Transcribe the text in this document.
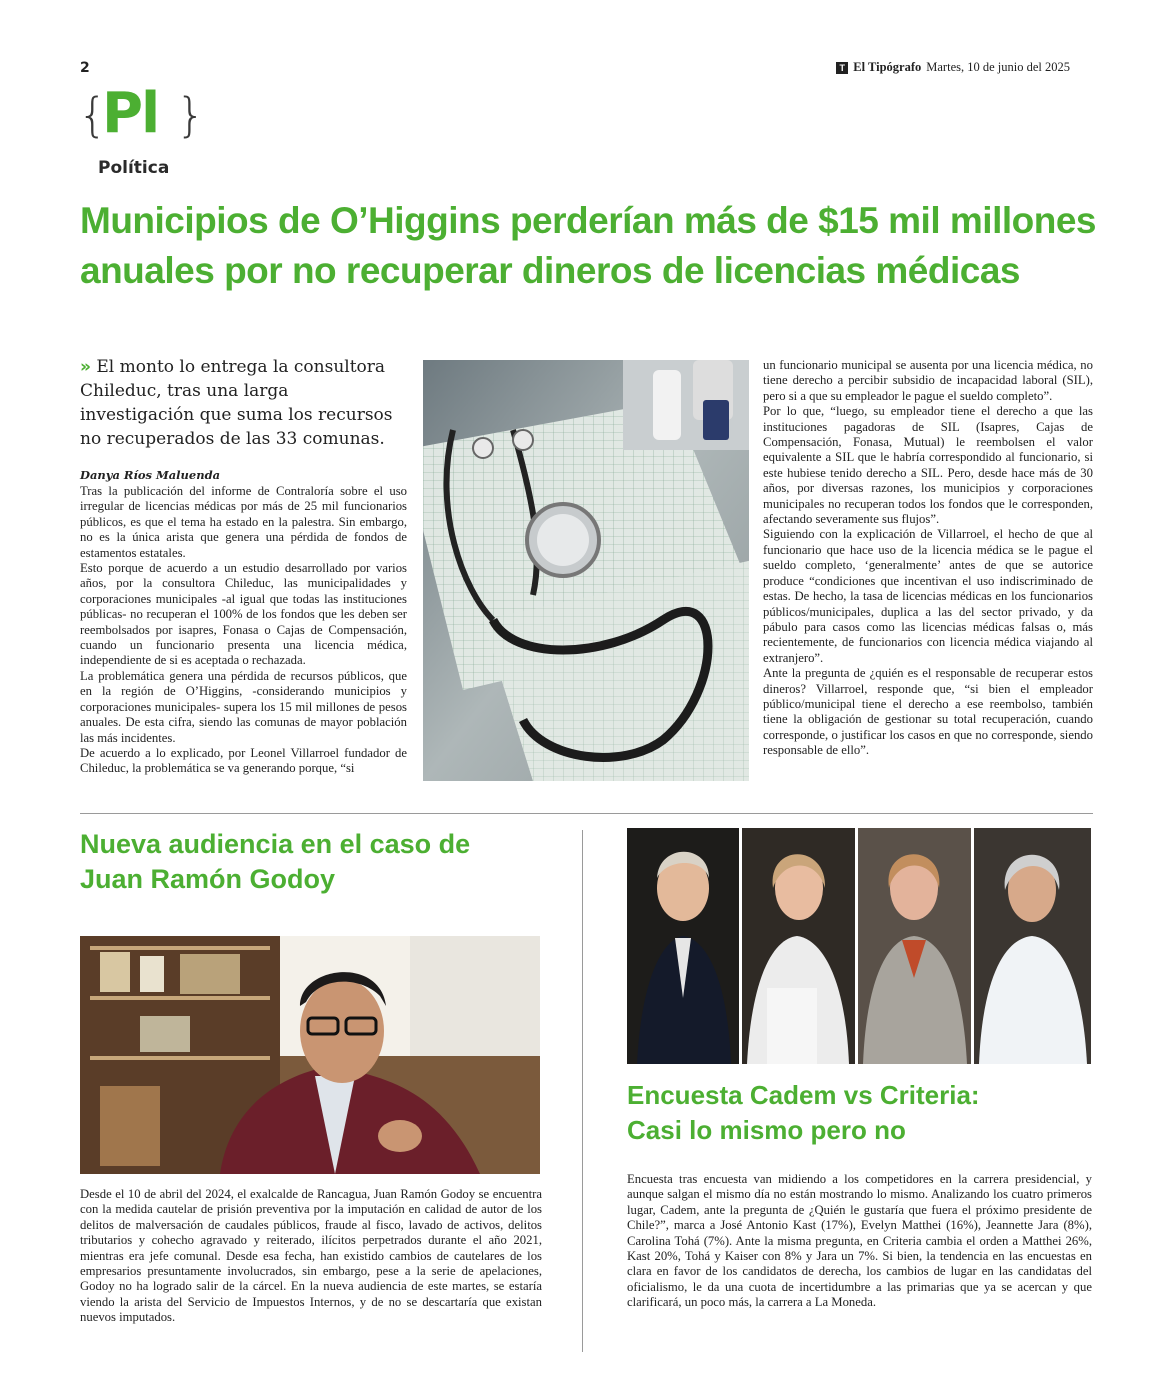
2	T El Tipógrafo Martes, 10 de junio del 2025
{
Pl }
Política
Municipios de O’Higgins perderían más de $15 mil millones
anuales por no recuperar dineros de licencias médicas
» El monto lo entrega la consultora Chileduc, tras una larga investigación que suma los recursos no recuperados de las 33 comunas.
Danya Ríos Maluenda

Tras la publicación del informe de Contraloría sobre el uso irregular de licencias médicas por más de 25 mil funcionarios públicos, es que el tema ha estado en la palestra. Sin embargo, no es la única arista que genera una pérdida de fondos de estamentos estatales.

Esto porque de acuerdo a un estudio desarrollado por varios años, por la consultora Chileduc, las municipalidades y corporaciones municipales -al igual que todas las instituciones públicas- no recuperan el 100% de los fondos que les deben ser reembolsados por isapres, Fonasa o Cajas de Compensación, cuando un funcionario presenta una licencia médica, independiente de si es aceptada o rechazada.

La problemática genera una pérdida de recursos públicos, que en la región de O’Higgins, -considerando municipios y corporaciones municipales- supera los 15 mil millones de pesos anuales. De esta cifra, siendo las comunas de mayor población las más incidentes.

De acuerdo a lo explicado, por Leonel Villarroel fundador de Chileduc, la problemática se va generando porque, “si

un funcionario municipal se ausenta por una licencia médica, no tiene derecho a percibir subsidio de incapacidad laboral (SIL), pero si a que su empleador le pague el sueldo completo”.

Por lo que, “luego, su empleador tiene el derecho a que las instituciones pagadoras de SIL (Isapres, Cajas de Compensación, Fonasa, Mutual) le reembolsen el valor equivalente a SIL que le habría correspondido al funcionario, si este hubiese tenido derecho a SIL. Pero, desde hace más de 30 años, por diversas razones, los municipios y corporaciones municipales no recuperan todos los fondos que le corresponden, afectando severamente sus flujos”.

Siguiendo con la explicación de Villarroel, el hecho de que al funcionario que hace uso de la licencia médica se le pague el sueldo completo, ‘generalmente’ antes de que se autorice produce “condiciones que incentivan el uso indiscriminado de estas. De hecho, la tasa de licencias médicas en los funcionarios públicos/municipales, duplica a las del sector privado, y da pábulo para casos como las licencias médicas falsas o, más recientemente, de funcionarios con licencia médica viajando al extranjero”.

Ante la pregunta de ¿quién es el responsable de recuperar estos dineros? Villarroel, responde que, “si bien el empleador público/municipal tiene el derecho a ese reembolso, también tiene la obligación de gestionar su total recuperación, cuando corresponde, o justificar los casos en que no corresponde, siendo responsable de ello”.

Nueva audiencia en el caso de
Juan Ramón Godoy
Desde el 10 de abril del 2024, el exalcalde de Rancagua, Juan Ramón Godoy se encuentra con la medida cautelar de prisión preventiva por la imputación en calidad de autor de los delitos de malversación de caudales públicos, fraude al fisco, lavado de activos, delitos tributarios y cohecho agravado y reiterado, ilícitos perpetrados durante el año 2021, mientras era jefe comunal. Desde esa fecha, han existido cambios de cautelares de los empresarios presuntamente involucrados, sin embargo, pese a la serie de apelaciones, Godoy no ha logrado salir de la cárcel. En la nueva audiencia de este martes, se estaría viendo la arista del Servicio de Impuestos Internos, y de no se descartaría que existan nuevos imputados.
Encuesta Cadem vs Criteria:
Casi lo mismo pero no
Encuesta tras encuesta van midiendo a los competidores en la carrera presidencial, y aunque salgan el mismo día no están mostrando lo mismo. Analizando los cuatro primeros lugar, Cadem, ante la pregunta de ¿Quién le gustaría que fuera el próximo presidente de Chile?”, marca a José Antonio Kast (17%), Evelyn Matthei (16%), Jeannette Jara (8%), Carolina Tohá (7%). Ante la misma pregunta, en Criteria cambia el orden a Matthei 26%, Kast 20%, Tohá y Kaiser con 8% y Jara un 7%. Si bien, la tendencia en las encuestas en clara en favor de los candidatos de derecha, los cambios de lugar en las candidatas del oficialismo, le da una cuota de incertidumbre a las primarias que ya se acercan y que clarificará, un poco más, la carrera a La Moneda.
